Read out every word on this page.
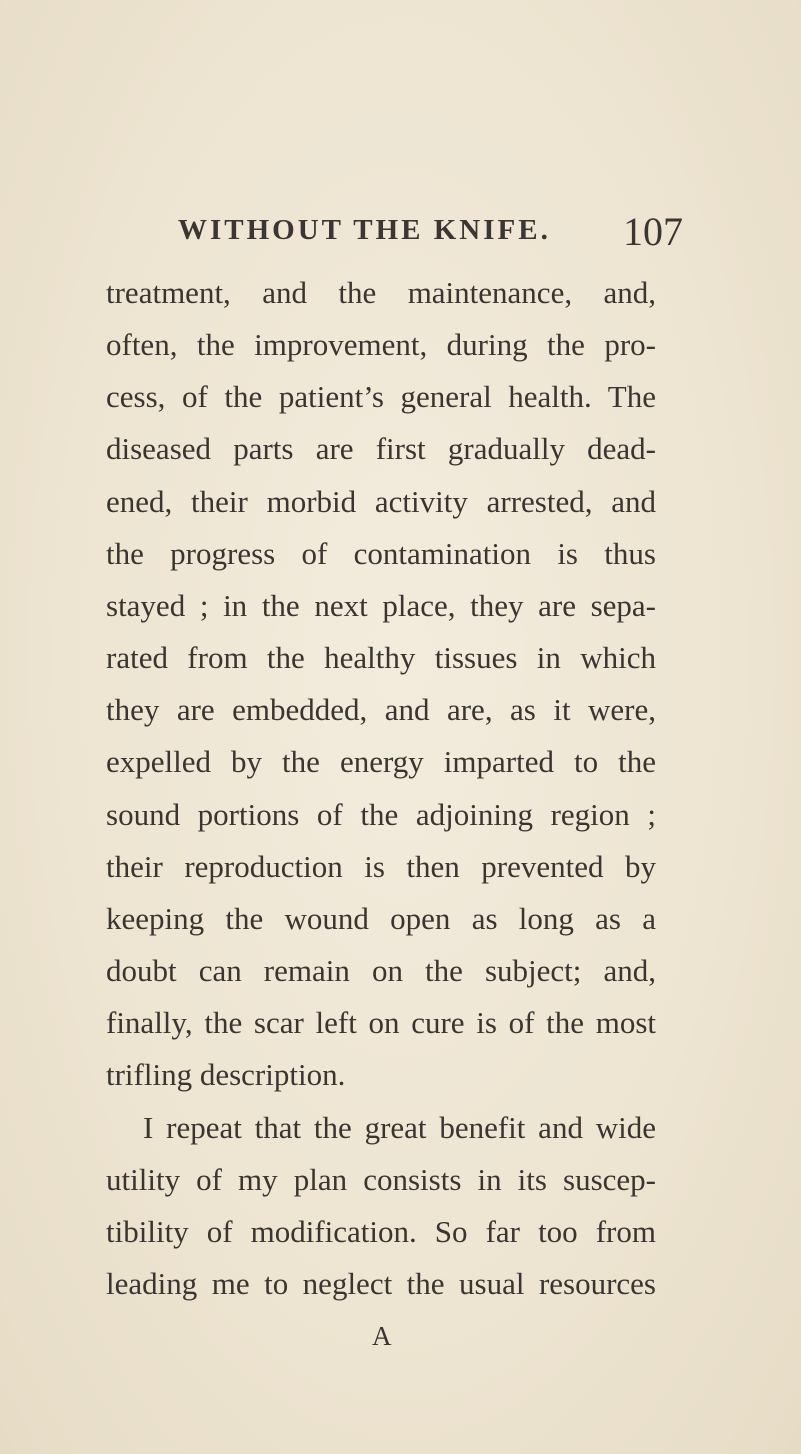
WITHOUT THE KNIFE. 107
treatment, and the maintenance, and,
often, the improvement, during the pro-
cess, of the patient’s general health. The
diseased parts are first gradually dead-
ened, their morbid activity arrested, and
the progress of contamination is thus
stayed ; in the next place, they are sepa-
rated from the healthy tissues in which
they are embedded, and are, as it were,
expelled by the energy imparted to the
sound portions of the adjoining region ;
their reproduction is then prevented by
keeping the wound open as long as a
doubt can remain on the subject; and,
finally, the scar left on cure is of the most
trifling description.
I repeat that the great benefit and wide
utility of my plan consists in its suscep-
tibility of modification. So far too from
leading me to neglect the usual resources
A
